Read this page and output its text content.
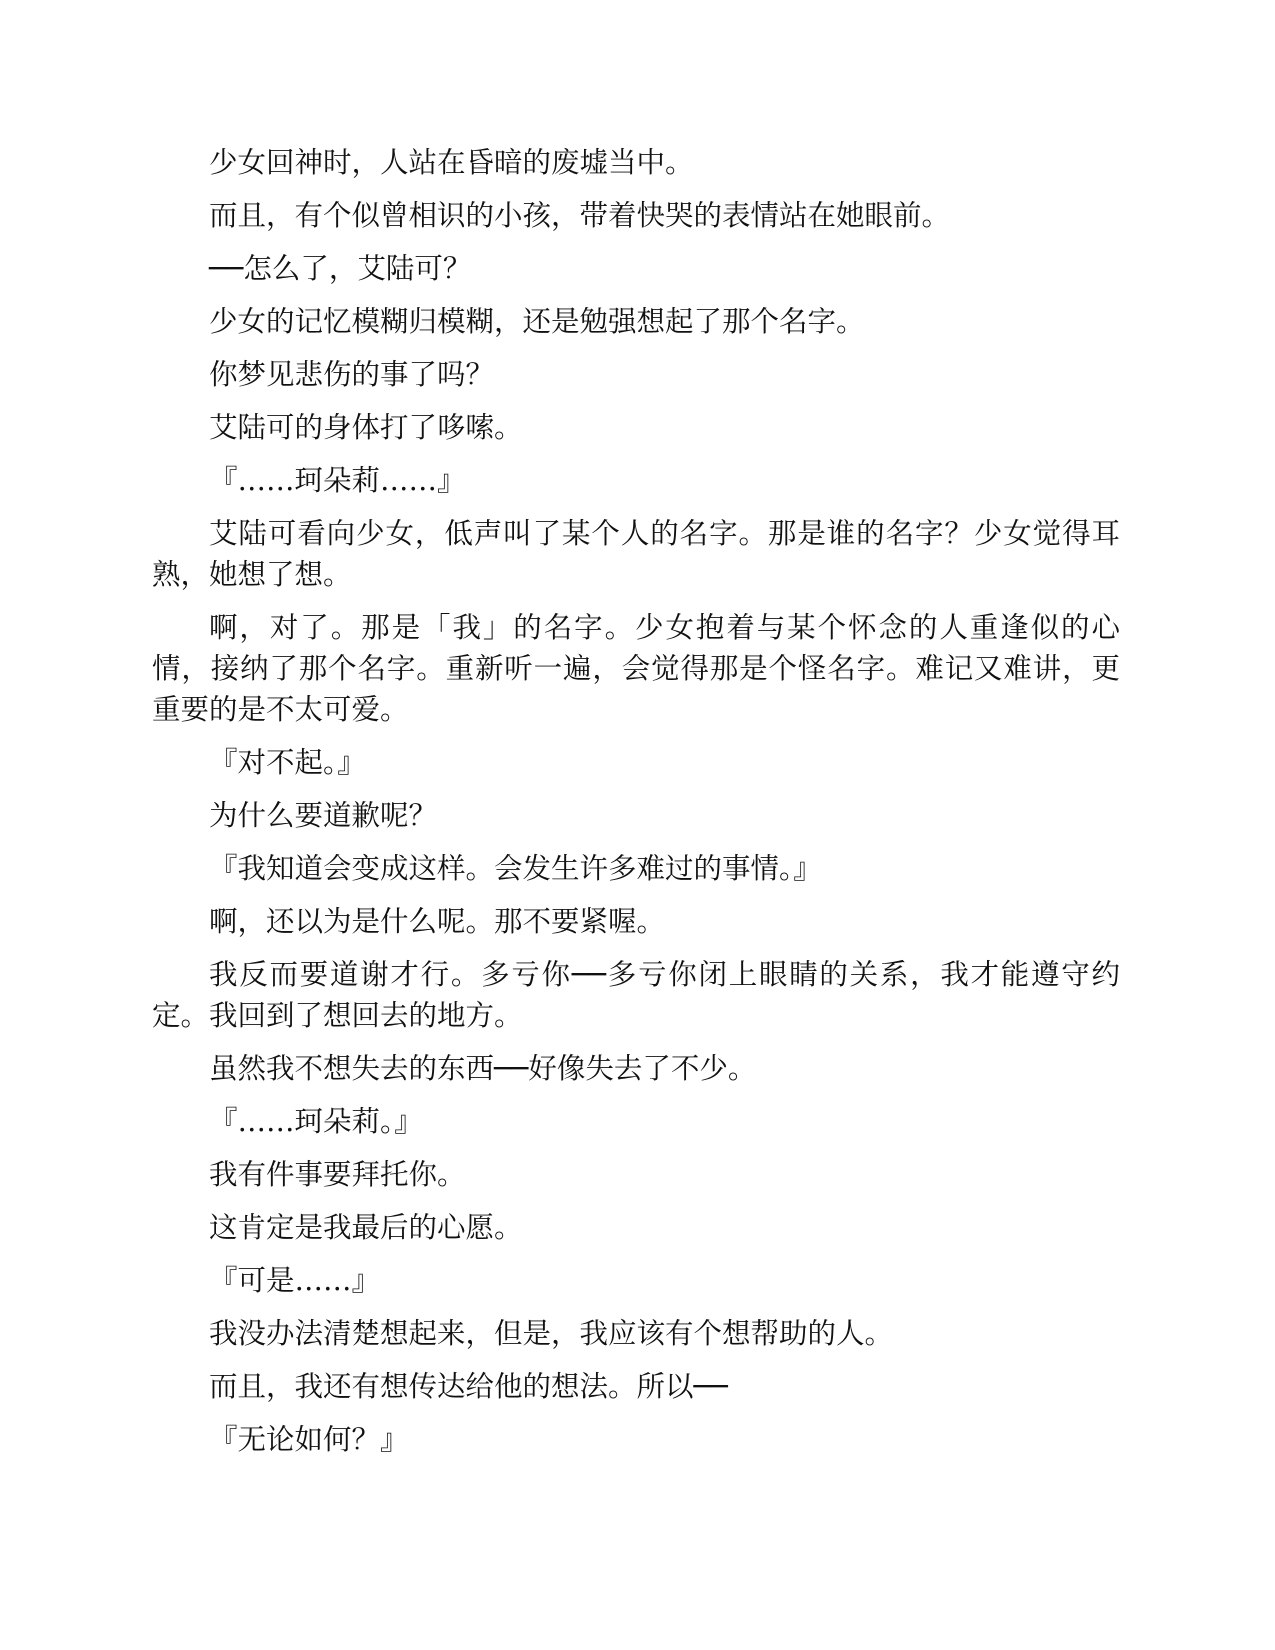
少女回神时，人站在昏暗的废墟当中。

而且，有个似曾相识的小孩，带着快哭的表情站在她眼前。

──怎么了，艾陆可？

少女的记忆模糊归模糊，还是勉强想起了那个名字。

你梦见悲伤的事了吗？

艾陆可的身体打了哆嗦。

『……珂朵莉……』

艾陆可看向少女，低声叫了某个人的名字。那是谁的名字？少女觉得耳熟，她想了想。

啊，对了。那是「我」的名字。少女抱着与某个怀念的人重逢似的心情，接纳了那个名字。重新听一遍，会觉得那是个怪名字。难记又难讲，更重要的是不太可爱。

『对不起。』

为什么要道歉呢？

『我知道会变成这样。会发生许多难过的事情。』

啊，还以为是什么呢。那不要紧喔。

我反而要道谢才行。多亏你──多亏你闭上眼睛的关系，我才能遵守约定。我回到了想回去的地方。

虽然我不想失去的东西──好像失去了不少。

『……珂朵莉。』

我有件事要拜托你。

这肯定是我最后的心愿。

『可是……』

我没办法清楚想起来，但是，我应该有个想帮助的人。

而且，我还有想传达给他的想法。所以──

『无论如何？』
